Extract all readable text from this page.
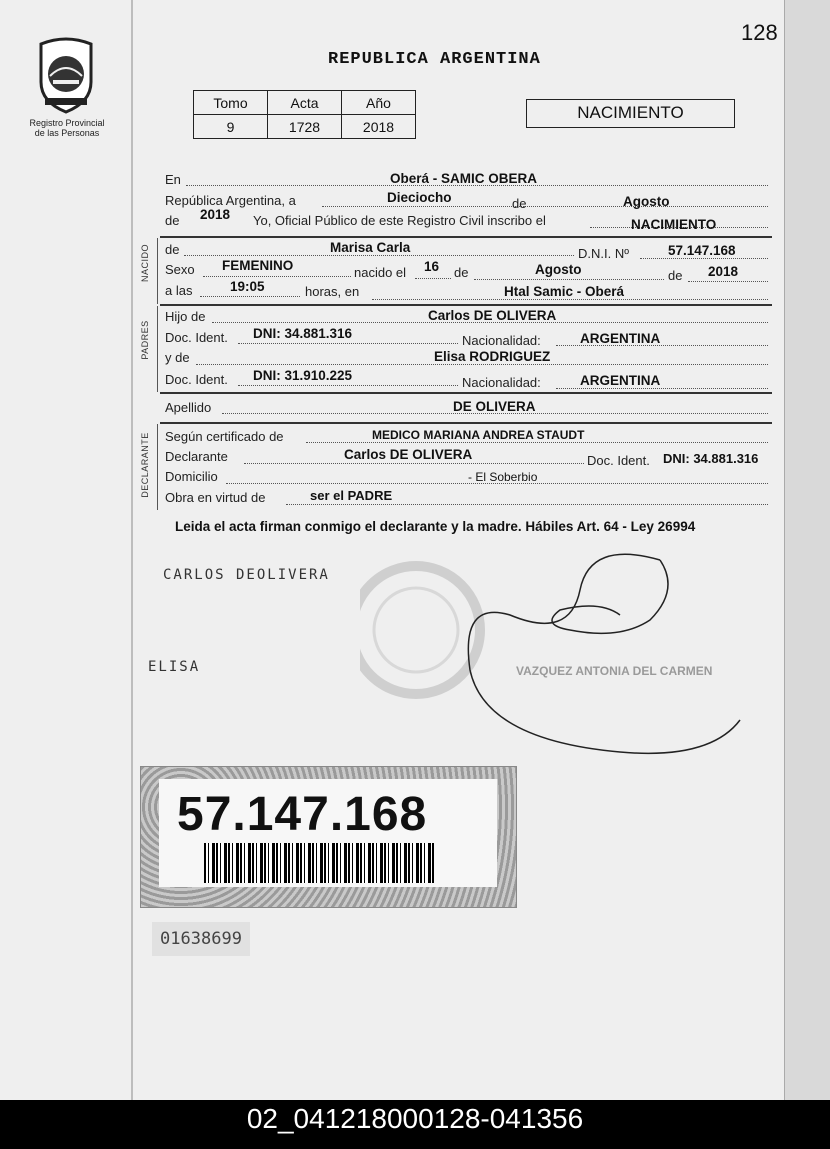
Registro Provincial
de las Personas
128
REPUBLICA ARGENTINA
Tomo	Acta	Año
9	1728	2018
NACIMIENTO
En	Oberá - SAMIC OBERA
República Argentina, a	Dieciocho	de	Agosto
de 2018 Yo, Oficial Público de este Registro Civil inscribo el	NACIMIENTO
NACIDO de	Marisa Carla	D.N.I. Nº	57.147.168
Sexo FEMENINO	nacido el 16 de	Agosto	de 2018
a las	19:05	horas, en	Htal Samic - Oberá
PADRES
Hijo de	Carlos DE OLIVERA
Doc. Ident. DNI: 34.881.316	Nacionalidad:	ARGENTINA
y de	Elisa RODRIGUEZ
Doc. Ident. DNI: 31.910.225	Nacionalidad:	ARGENTINA
Apellido	DE OLIVERA
DECLARANTE Según certificado de	MEDICO MARIANA ANDREA STAUDT
Declarante	Carlos DE OLIVERA	Doc. Ident. DNI: 34.881.316
Domicilio	- El Soberbio
Obra en virtud de	ser el PADRE
Leida el acta firman conmigo el declarante y la madre. Hábiles Art. 64 - Ley 26994
CARLOS DEOLIVERA
ELISA	VAZQUEZ ANTONIA DEL CARMEN
57.147.168
01638699
02_041218000128-041356
